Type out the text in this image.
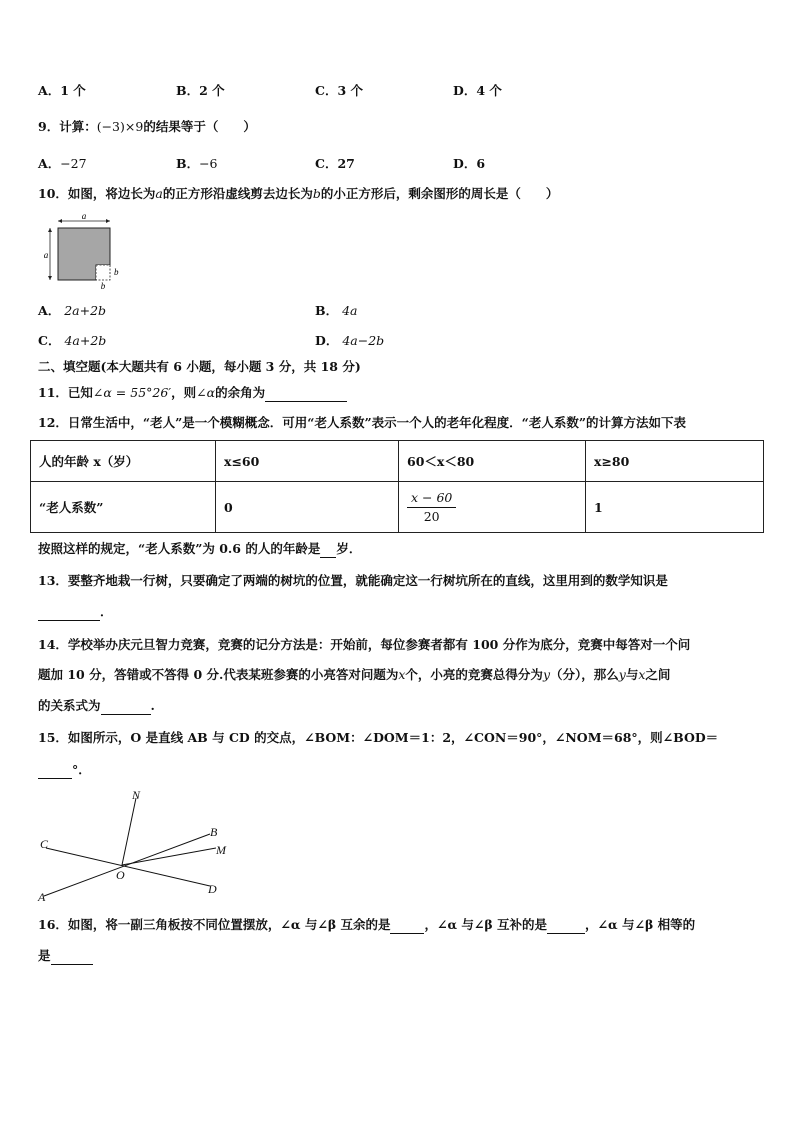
A．1 个	B．2 个	C．3 个	D．4 个
9．计算：(−3)×9的结果等于（　　）
A．−27	B．−6	C．27	D．6
10．如图，将边长为a的正方形沿虚线剪去边长为b的小正方形后，剩余图形的周长是（　　）
a
a
b
b
A． 2a+2b	B． 4a
C． 4a+2b	D． 4a−2b
二、填空题(本大题共有 6 小题，每小题 3 分，共 18 分)
11．已知∠α = 55°26′，则∠α的余角为
12．日常生活中，“老人”是一个模糊概念．可用“老人系数”表示一个人的老年化程度．“老人系数”的计算方法如下表
人的年龄 x（岁）	x≤60	60＜x＜80	x≥80
“老人系数”	0	$\frac{x - 60}{20}$	1
按照这样的规定，“老人系数”为 0.6 的人的年龄是 岁．
13．要整齐地栽一行树，只要确定了两端的树坑的位置，就能确定这一行树坑所在的直线，这里用到的数学知识是
．
14．学校举办庆元旦智力竞赛，竞赛的记分方法是：开始前，每位参赛者都有 100 分作为底分，竞赛中每答对一个问
题加 10 分，答错或不答得 0 分.代表某班参赛的小亮答对问题为x个，小亮的竞赛总得分为y（分），那么y与x之间
的关系式为	.
15．如图所示，O 是直线 AB 与 CD 的交点，∠BOM：∠DOM＝1：2，∠CON＝90°，∠NOM＝68°，则∠BOD＝
°．
N
B
M
C
O
A
D
16．如图，将一副三角板按不同位置摆放，∠α 与∠β 互余的是	，∠α 与∠β 互补的是	，∠α 与∠β 相等的
是
